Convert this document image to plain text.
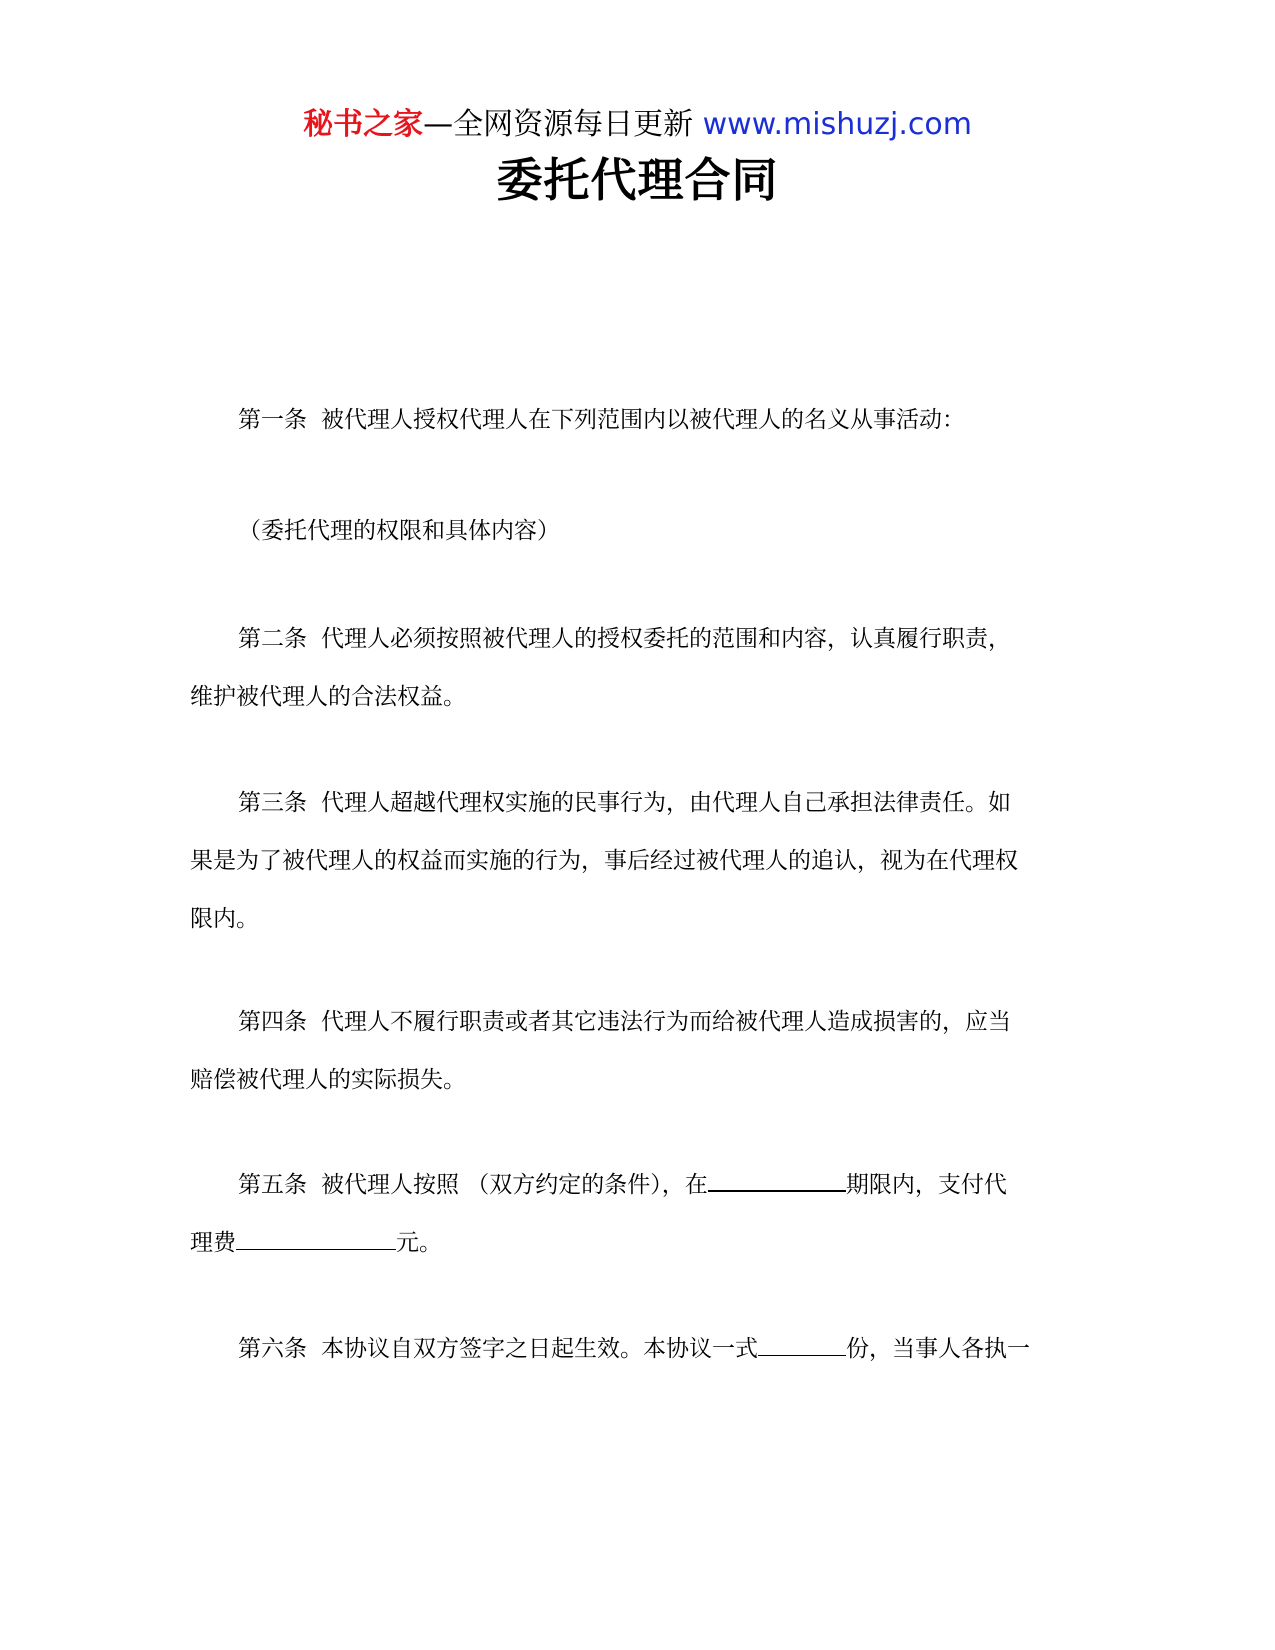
秘书之家—全网资源每日更新 www.mishuzj.com
委托代理合同
第一条 被代理人授权代理人在下列范围内以被代理人的名义从事活动：
（委托代理的权限和具体内容）
第二条 代理人必须按照被代理人的授权委托的范围和内容，认真履行职责，
维护被代理人的合法权益。
第三条 代理人超越代理权实施的民事行为，由代理人自己承担法律责任。如
果是为了被代理人的权益而实施的行为，事后经过被代理人的追认，视为在代理权
限内。
第四条 代理人不履行职责或者其它违法行为而给被代理人造成损害的，应当
赔偿被代理人的实际损失。
第五条 被代理人按照 （双方约定的条件），在	期限内，支付代
理费	元。
第六条 本协议自双方签字之日起生效。本协议一式	份，当事人各执一
